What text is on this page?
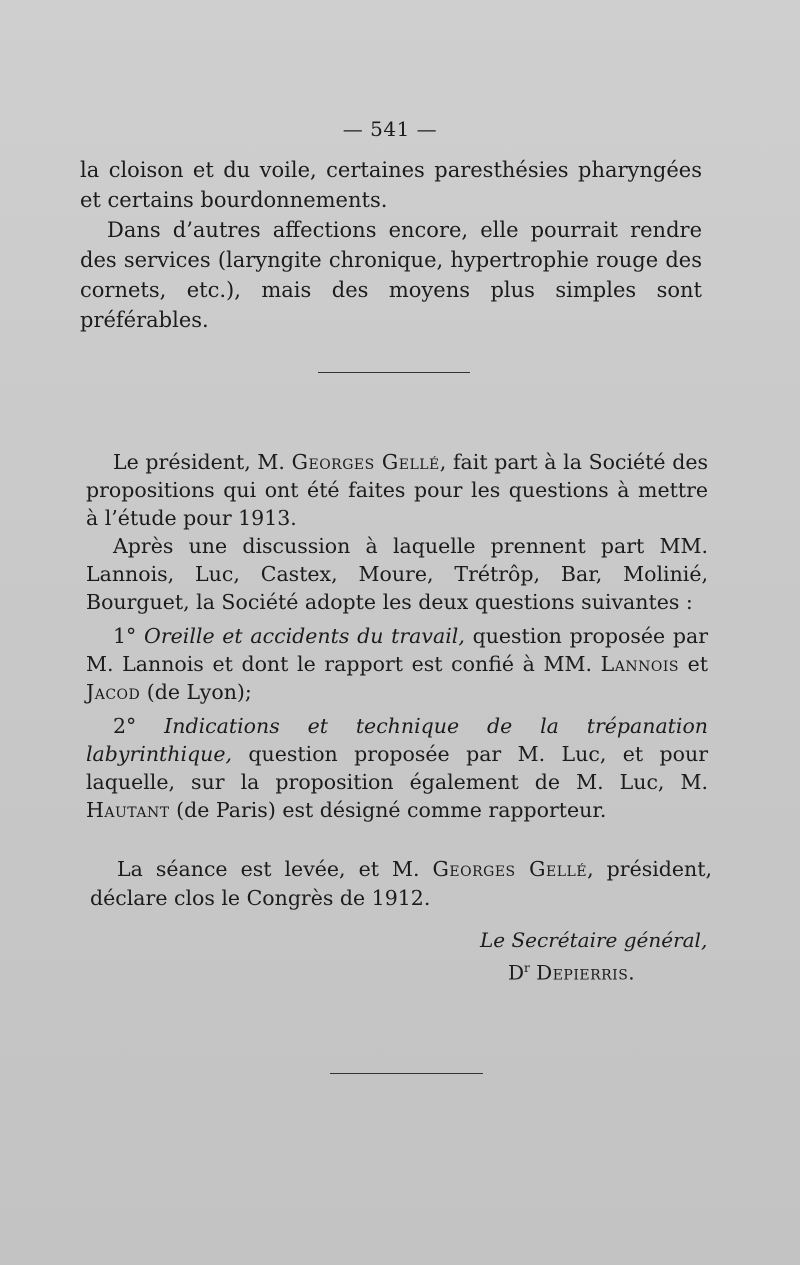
— 541 —

la cloison et du voile, certaines paresthésies pharyngées et certains bourdonnements.

Dans d’autres affections encore, elle pourrait rendre des services (laryngite chronique, hypertrophie rouge des cornets, etc.), mais des moyens plus simples sont préférables.

Le président, M. Georges Gellé, fait part à la Société des propositions qui ont été faites pour les questions à mettre à l’étude pour 1913.

Après une discussion à laquelle prennent part MM. Lannois, Luc, Castex, Moure, Trétrôp, Bar, Molinié, Bourguet, la Société adopte les deux questions suivantes :

1° Oreille et accidents du travail, question proposée par M. Lannois et dont le rapport est confié à MM. Lannois et Jacod (de Lyon);

2° Indications et technique de la trépanation labyrinthique, question proposée par M. Luc, et pour laquelle, sur la proposition également de M. Luc, M. Hautant (de Paris) est désigné comme rapporteur.

La séance est levée, et M. Georges Gellé, président, déclare clos le Congrès de 1912.

Le Secrétaire général,
$D^r$ Depierris.
